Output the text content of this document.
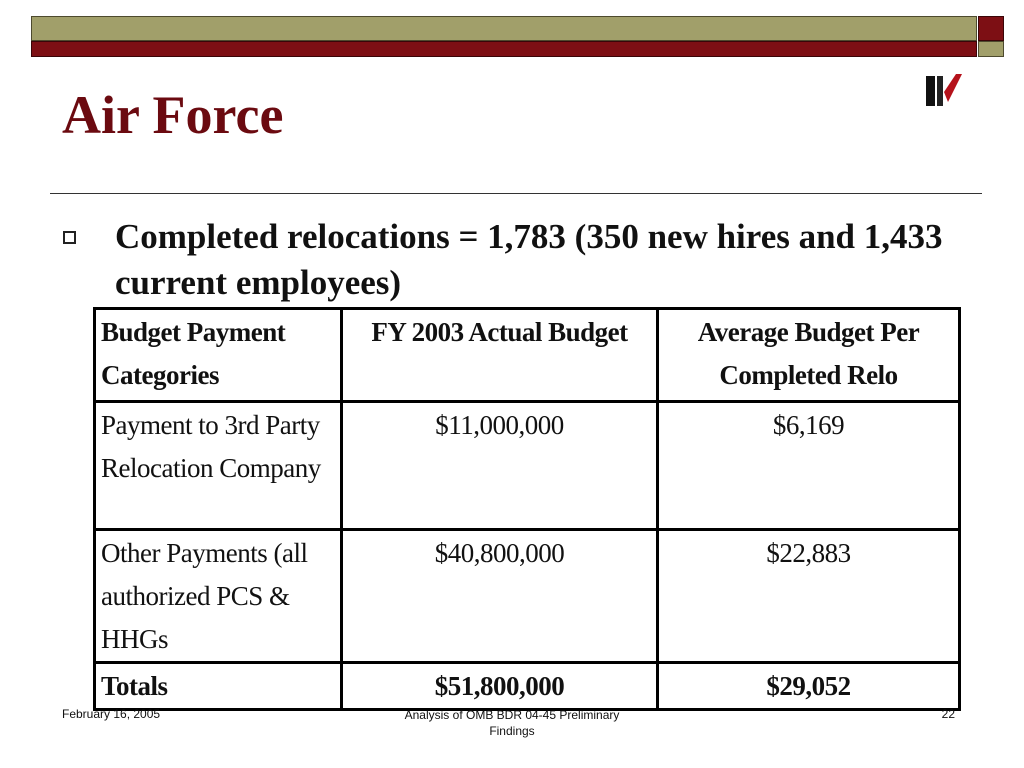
Air Force
Completed relocations = 1,783 (350 new hires and 1,433 current employees)
Budget Payment Categories	FY 2003 Actual Budget	Average Budget Per Completed Relo

Payment to 3rd Party Relocation Company	$11,000,000	$6,169

Other Payments (all authorized PCS & HHGs	$40,800,000	$22,883

Totals	$51,800,000	$29,052
February 16, 2005	Analysis of OMB BDR 04-45 Preliminary Findings
22
